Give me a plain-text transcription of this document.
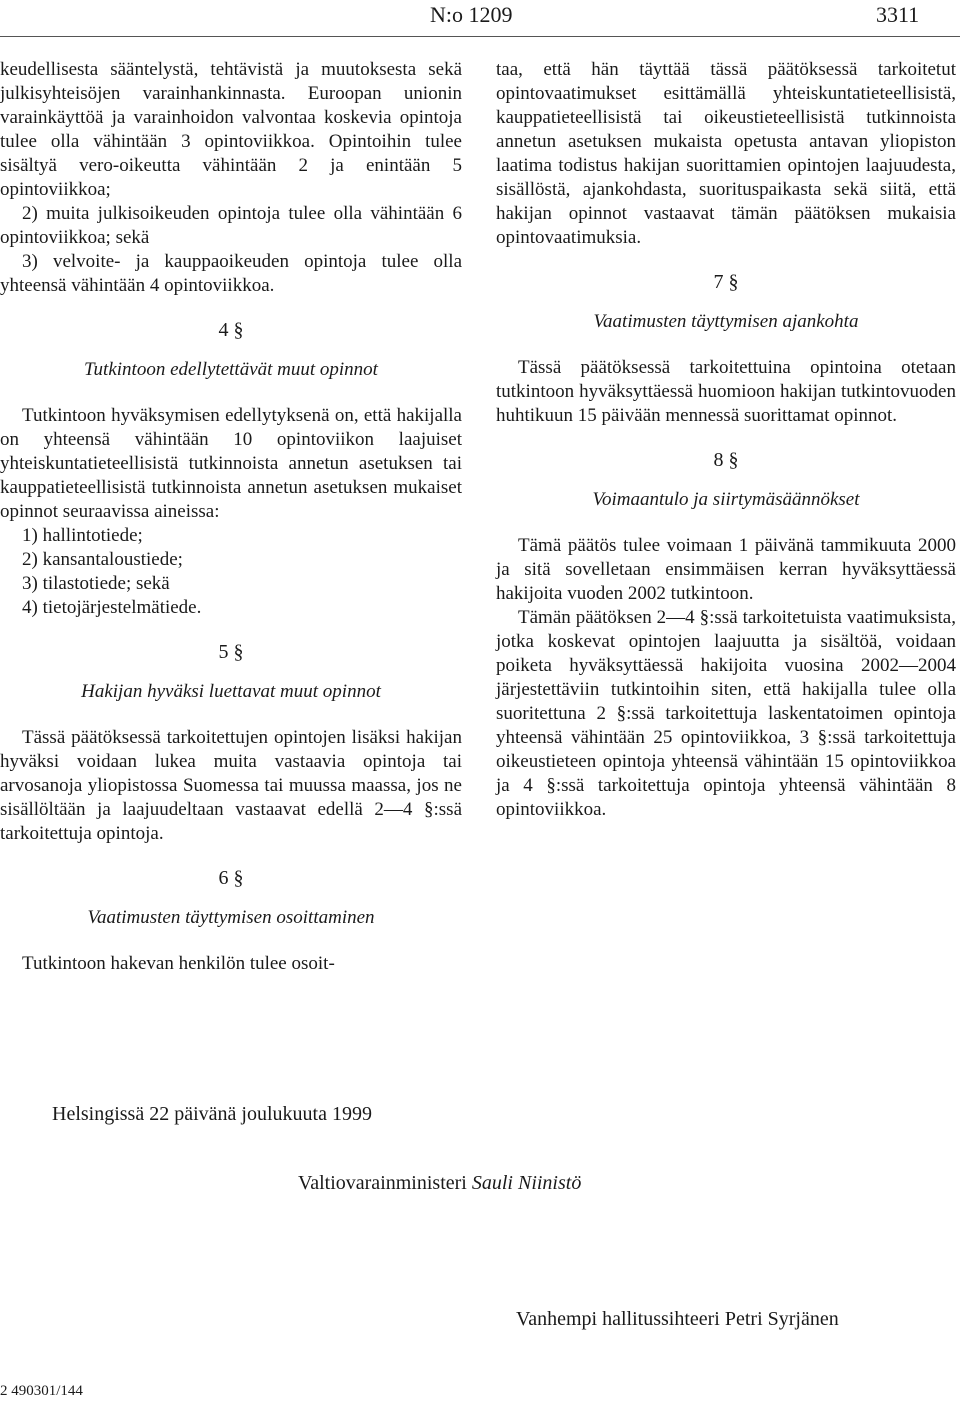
N:o 1209	3311

keudellisesta sääntelystä, tehtävistä ja muutoksesta sekä julkisyhteisöjen varainhankinnasta. Euroopan unionin varainkäyttöä ja varainhoidon valvontaa koskevia opintoja tulee olla vähintään 3 opintoviikkoa. Opintoihin tulee sisältyä vero-oikeutta vähintään 2 ja enintään 5 opintoviikkoa;

2) muita julkisoikeuden opintoja tulee olla vähintään 6 opintoviikkoa; sekä

3) velvoite- ja kauppaoikeuden opintoja tulee olla yhteensä vähintään 4 opintoviikkoa.

4 §

Tutkintoon edellytettävät muut opinnot

Tutkintoon hyväksymisen edellytyksenä on, että hakijalla on yhteensä vähintään 10 opintoviikon laajuiset yhteiskuntatieteellisistä tutkinnoista annetun asetuksen tai kauppatieteellisistä tutkinnoista annetun asetuksen mukaiset opinnot seuraavissa aineissa:

1) hallintotiede;

2) kansantaloustiede;

3) tilastotiede; sekä

4) tietojärjestelmätiede.

5 §

Hakijan hyväksi luettavat muut opinnot

Tässä päätöksessä tarkoitettujen opintojen lisäksi hakijan hyväksi voidaan lukea muita vastaavia opintoja tai arvosanoja yliopistossa Suomessa tai muussa maassa, jos ne sisällöltään ja laajuudeltaan vastaavat edellä 2—4 §:ssä tarkoitettuja opintoja.

6 §

Vaatimusten täyttymisen osoittaminen

Tutkintoon hakevan henkilön tulee osoit-

taa, että hän täyttää tässä päätöksessä tarkoitetut opintovaatimukset esittämällä yhteiskuntatieteellisistä, kauppatieteellisistä tai oikeustieteellisistä tutkinnoista annetun asetuksen mukaista opetusta antavan yliopiston laatima todistus hakijan suorittamien opintojen laajuudesta, sisällöstä, ajankohdasta, suorituspaikasta sekä siitä, että hakijan opinnot vastaavat tämän päätöksen mukaisia opintovaatimuksia.

7 §

Vaatimusten täyttymisen ajankohta

Tässä päätöksessä tarkoitettuina opintoina otetaan tutkintoon hyväksyttäessä huomioon hakijan tutkintovuoden huhtikuun 15 päivään mennessä suorittamat opinnot.

8 §

Voimaantulo ja siirtymäsäännökset

Tämä päätös tulee voimaan 1 päivänä tammikuuta 2000 ja sitä sovelletaan ensimmäisen kerran hyväksyttäessä hakijoita vuoden 2002 tutkintoon.

Tämän päätöksen 2—4 §:ssä tarkoitetuista vaatimuksista, jotka koskevat opintojen laajuutta ja sisältöä, voidaan poiketa hyväksyttäessä hakijoita vuosina 2002—2004 järjestettäviin tutkintoihin siten, että hakijalla tulee olla suoritettuna 2 §:ssä tarkoitettuja laskentatoimen opintoja yhteensä vähintään 25 opintoviikkoa, 3 §:ssä tarkoitettuja oikeustieteen opintoja yhteensä vähintään 15 opintoviikkoa ja 4 §:ssä tarkoitettuja opintoja yhteensä vähintään 8 opintoviikkoa.

Helsingissä 22 päivänä joulukuuta 1999
Valtiovarainministeri Sauli Niinistö
Vanhempi hallitussihteeri Petri Syrjänen
2 490301/144
